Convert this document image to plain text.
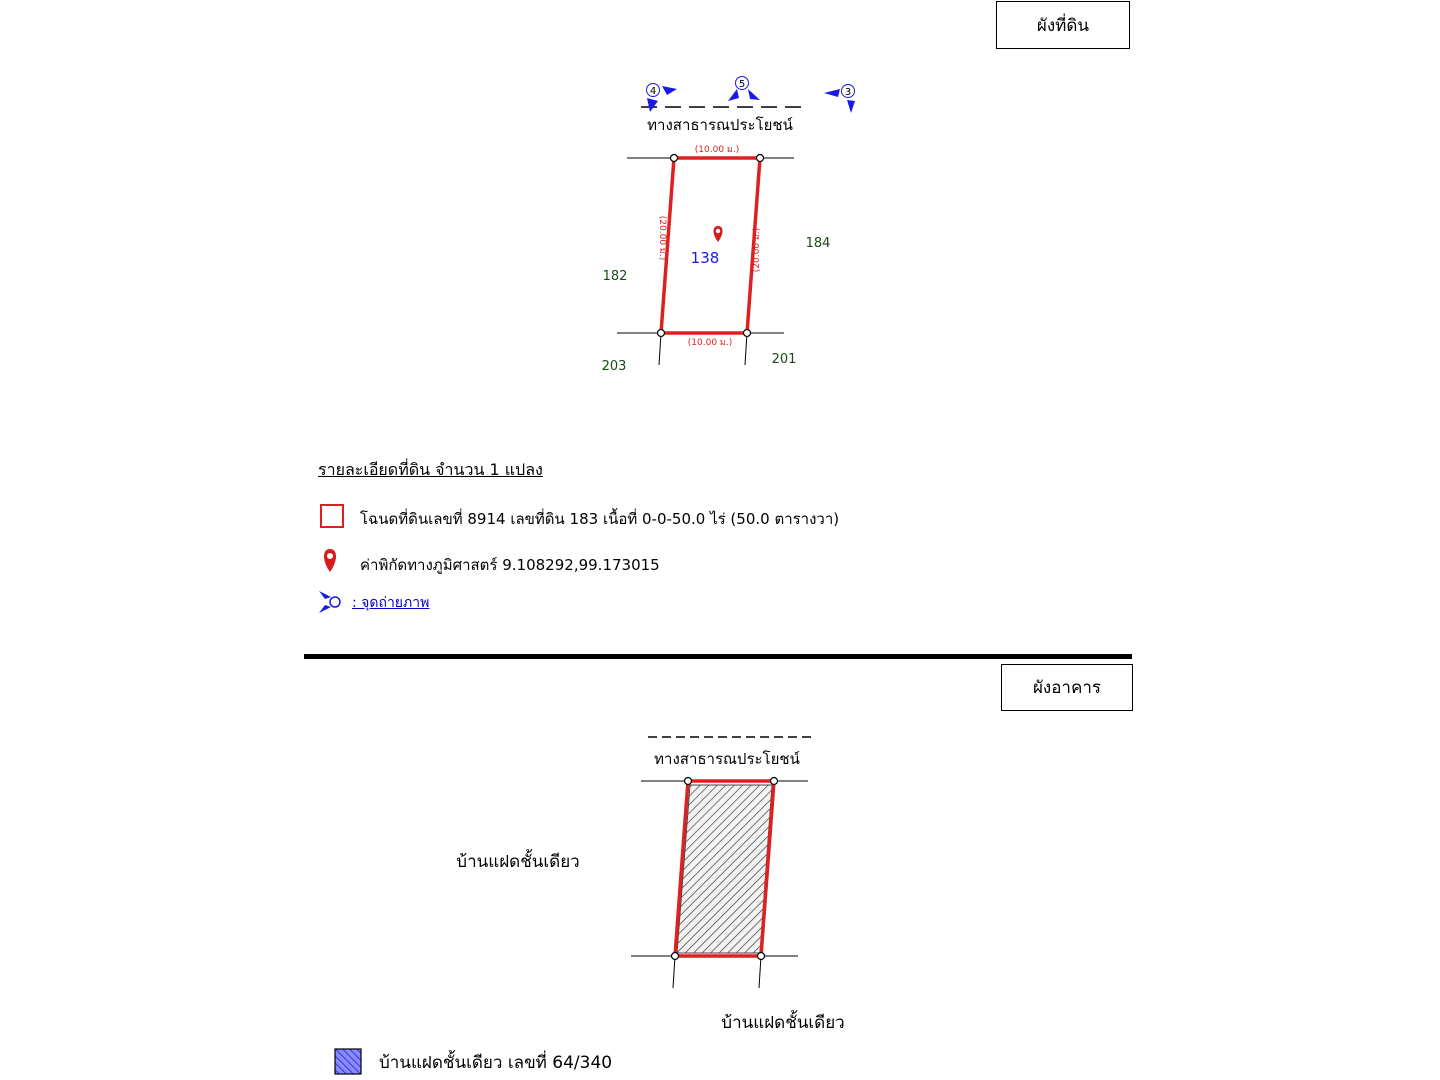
ผังที่ดิน
4
5
3
ทางสาธารณประโยชน์
(10.00 ม.)
(10.00 ม.)
(20.00 ม.)	(20.00 ม.)
138
182
184
203	201
รายละเอียดที่ดิน จำนวน 1 แปลง
โฉนดที่ดินเลขที่ 8914 เลขที่ดิน 183 เนื้อที่ 0-0-50.0 ไร่ (50.0 ตารางวา)
ค่าพิกัดทางภูมิศาสตร์ 9.108292,99.173015
: จุดถ่ายภาพ
ผังอาคาร
ทางสาธารณประโยชน์
บ้านแฝดชั้นเดียว
บ้านแฝดชั้นเดียว
บ้านแฝดชั้นเดียว เลขที่ 64/340
